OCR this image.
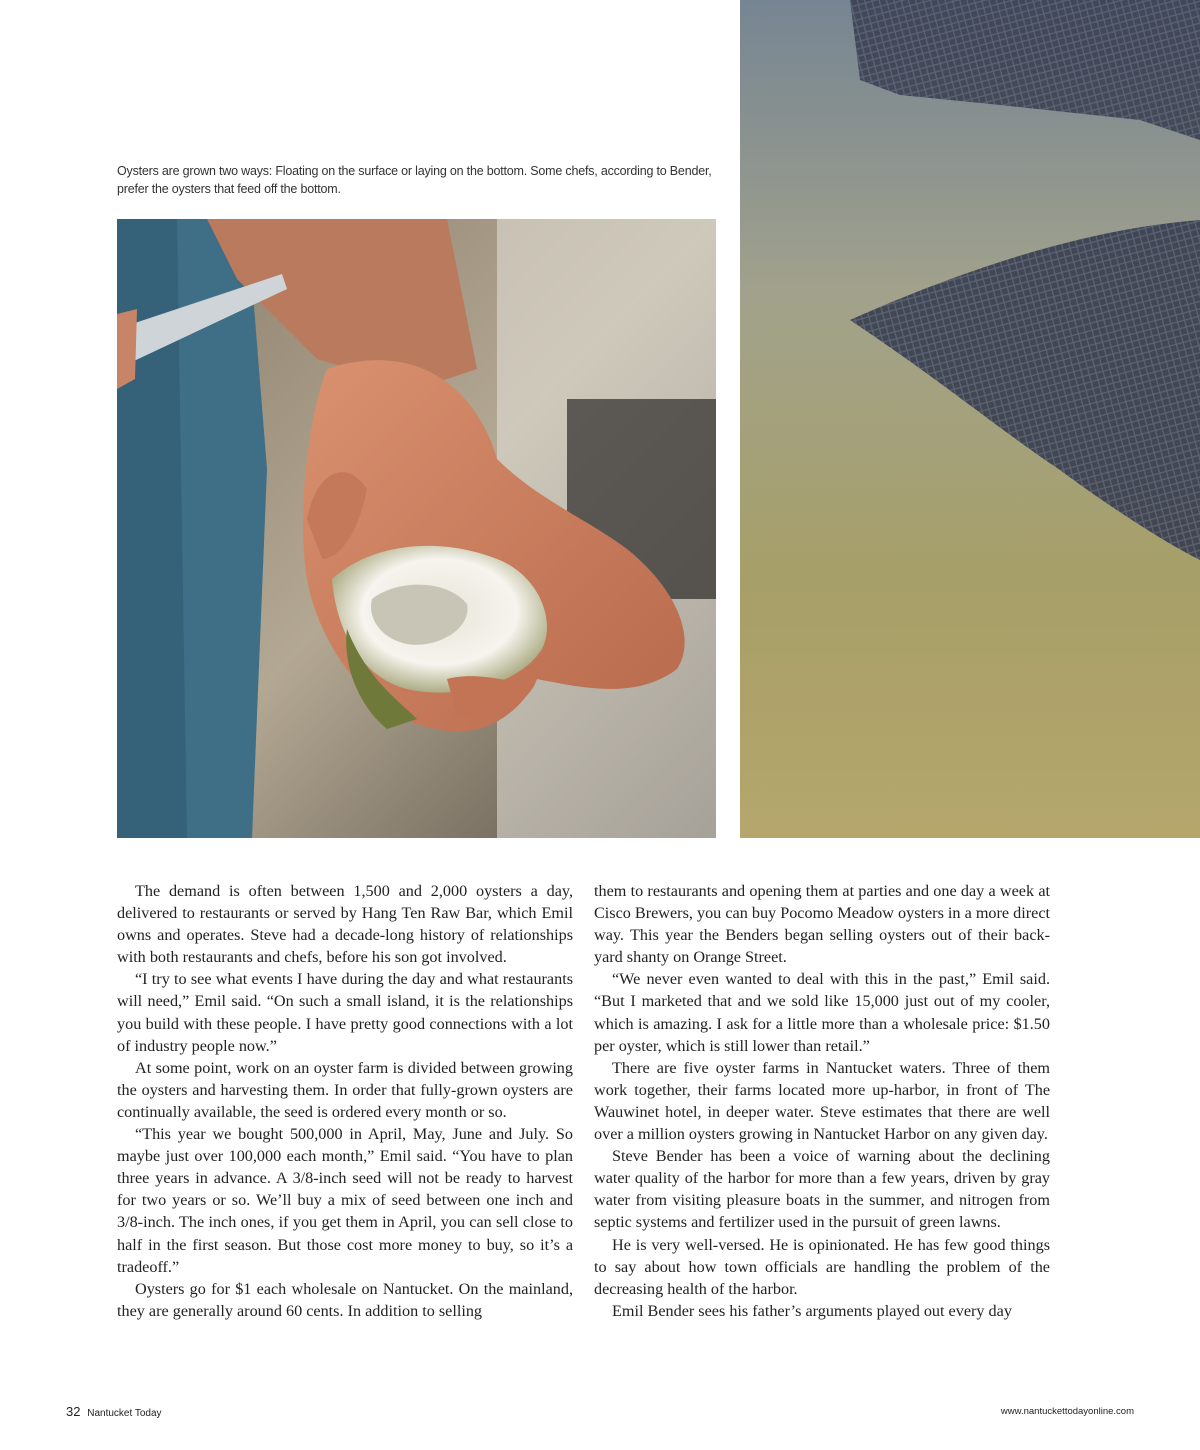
Oysters are grown two ways: Floating on the surface or laying on the bottom. Some chefs, according to Bender, prefer the oysters that feed off the bottom.

The demand is often between 1,500 and 2,000 oysters a day, delivered to restaurants or served by Hang Ten Raw Bar, which Emil owns and operates. Steve had a decade-long history of relationships with both restaurants and chefs, before his son got involved.

“I try to see what events I have during the day and what restaurants will need,” Emil said. “On such a small island, it is the relationships you build with these people. I have pretty good connections with a lot of industry people now.”

At some point, work on an oyster farm is divided between growing the oysters and harvesting them. In order that fully-grown oysters are continually available, the seed is ordered every month or so.

“This year we bought 500,000 in April, May, June and July. So maybe just over 100,000 each month,” Emil said. “You have to plan three years in advance. A 3/8-inch seed will not be ready to harvest for two years or so. We’ll buy a mix of seed between one inch and 3/8-inch. The inch ones, if you get them in April, you can sell close to half in the first season. But those cost more money to buy, so it’s a tradeoff.”

Oysters go for $1 each wholesale on Nantucket. On the mainland, they are generally around 60 cents. In addition to selling

them to restaurants and opening them at parties and one day a week at Cisco Brewers, you can buy Pocomo Meadow oysters in a more direct way. This year the Benders began selling oysters out of their back-yard shanty on Orange Street.

“We never even wanted to deal with this in the past,” Emil said. “But I marketed that and we sold like 15,000 just out of my cooler, which is amazing. I ask for a little more than a wholesale price: $1.50 per oyster, which is still lower than retail.”

There are five oyster farms in Nantucket waters. Three of them work together, their farms located more up-harbor, in front of The Wauwinet hotel, in deeper water. Steve estimates that there are well over a million oysters growing in Nantucket Harbor on any given day.

Steve Bender has been a voice of warning about the declining water quality of the harbor for more than a few years, driven by gray water from visiting pleasure boats in the summer, and nitrogen from septic systems and fertilizer used in the pursuit of green lawns.

He is very well-versed. He is opinionated. He has few good things to say about how town officials are handling the problem of the decreasing health of the harbor.

Emil Bender sees his father’s arguments played out every day

32 Nantucket Today	www.nantuckettodayonline.com
